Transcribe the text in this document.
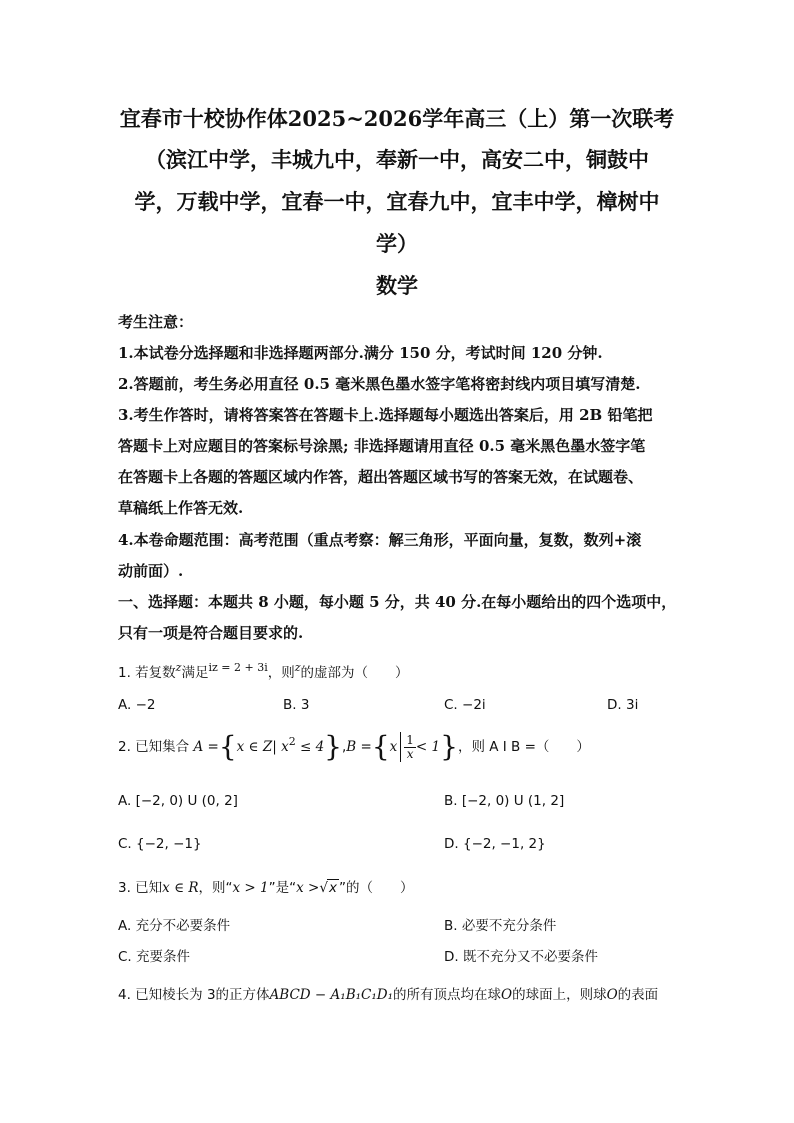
宜春市十校协作体2025~2026学年高三（上）第一次联考
（滨江中学，丰城九中，奉新一中，高安二中，铜鼓中
学，万载中学，宜春一中，宜春九中，宜丰中学，樟树中
学）
数学
考生注意：
1.本试卷分选择题和非选择题两部分.满分 150 分，考试时间 120 分钟.
2.答题前，考生务必用直径 0.5 毫米黑色墨水签字笔将密封线内项目填写清楚.
3.考生作答时，请将答案答在答题卡上.选择题每小题选出答案后，用 2B 铅笔把
答题卡上对应题目的答案标号涂黑; 非选择题请用直径 0.5 毫米黑色墨水签字笔
在答题卡上各题的答题区域内作答，超出答题区域书写的答案无效，在试题卷、
草稿纸上作答无效.
4.本卷命题范围：高考范围（重点考察：解三角形，平面向量，复数，数列+滚
动前面）.
一、选择题：本题共 8 小题，每小题 5 分，共 40 分.在每小题给出的四个选项中，
只有一项是符合题目要求的.
1. 若复数$^z$满足$^{iz = 2 + 3i}$，则$^z$的虚部为（　　）
A. −2	B. 3	C. −2i	D. 3i
2. 已知集合 A ={x ∈ Z| $x^2 \le 4\},B =\{x \frac{1}{x} < 1\}$，则 A I B =（　　）
A. [−2, 0) U (0, 2]	B. [−2, 0) U (1, 2]
C. {−2, −1}	D. {−2, −1, 2}
3. 已知x ∈ R，则“x > 1”是“x >√x ”的（　　）
A. 充分不必要条件	B. 必要不充分条件
C. 充要条件	D. 既不充分又不必要条件
4. 已知棱长为 3的正方体ABCD − A₁B₁C₁D₁的所有顶点均在球O的球面上，则球O的表面
